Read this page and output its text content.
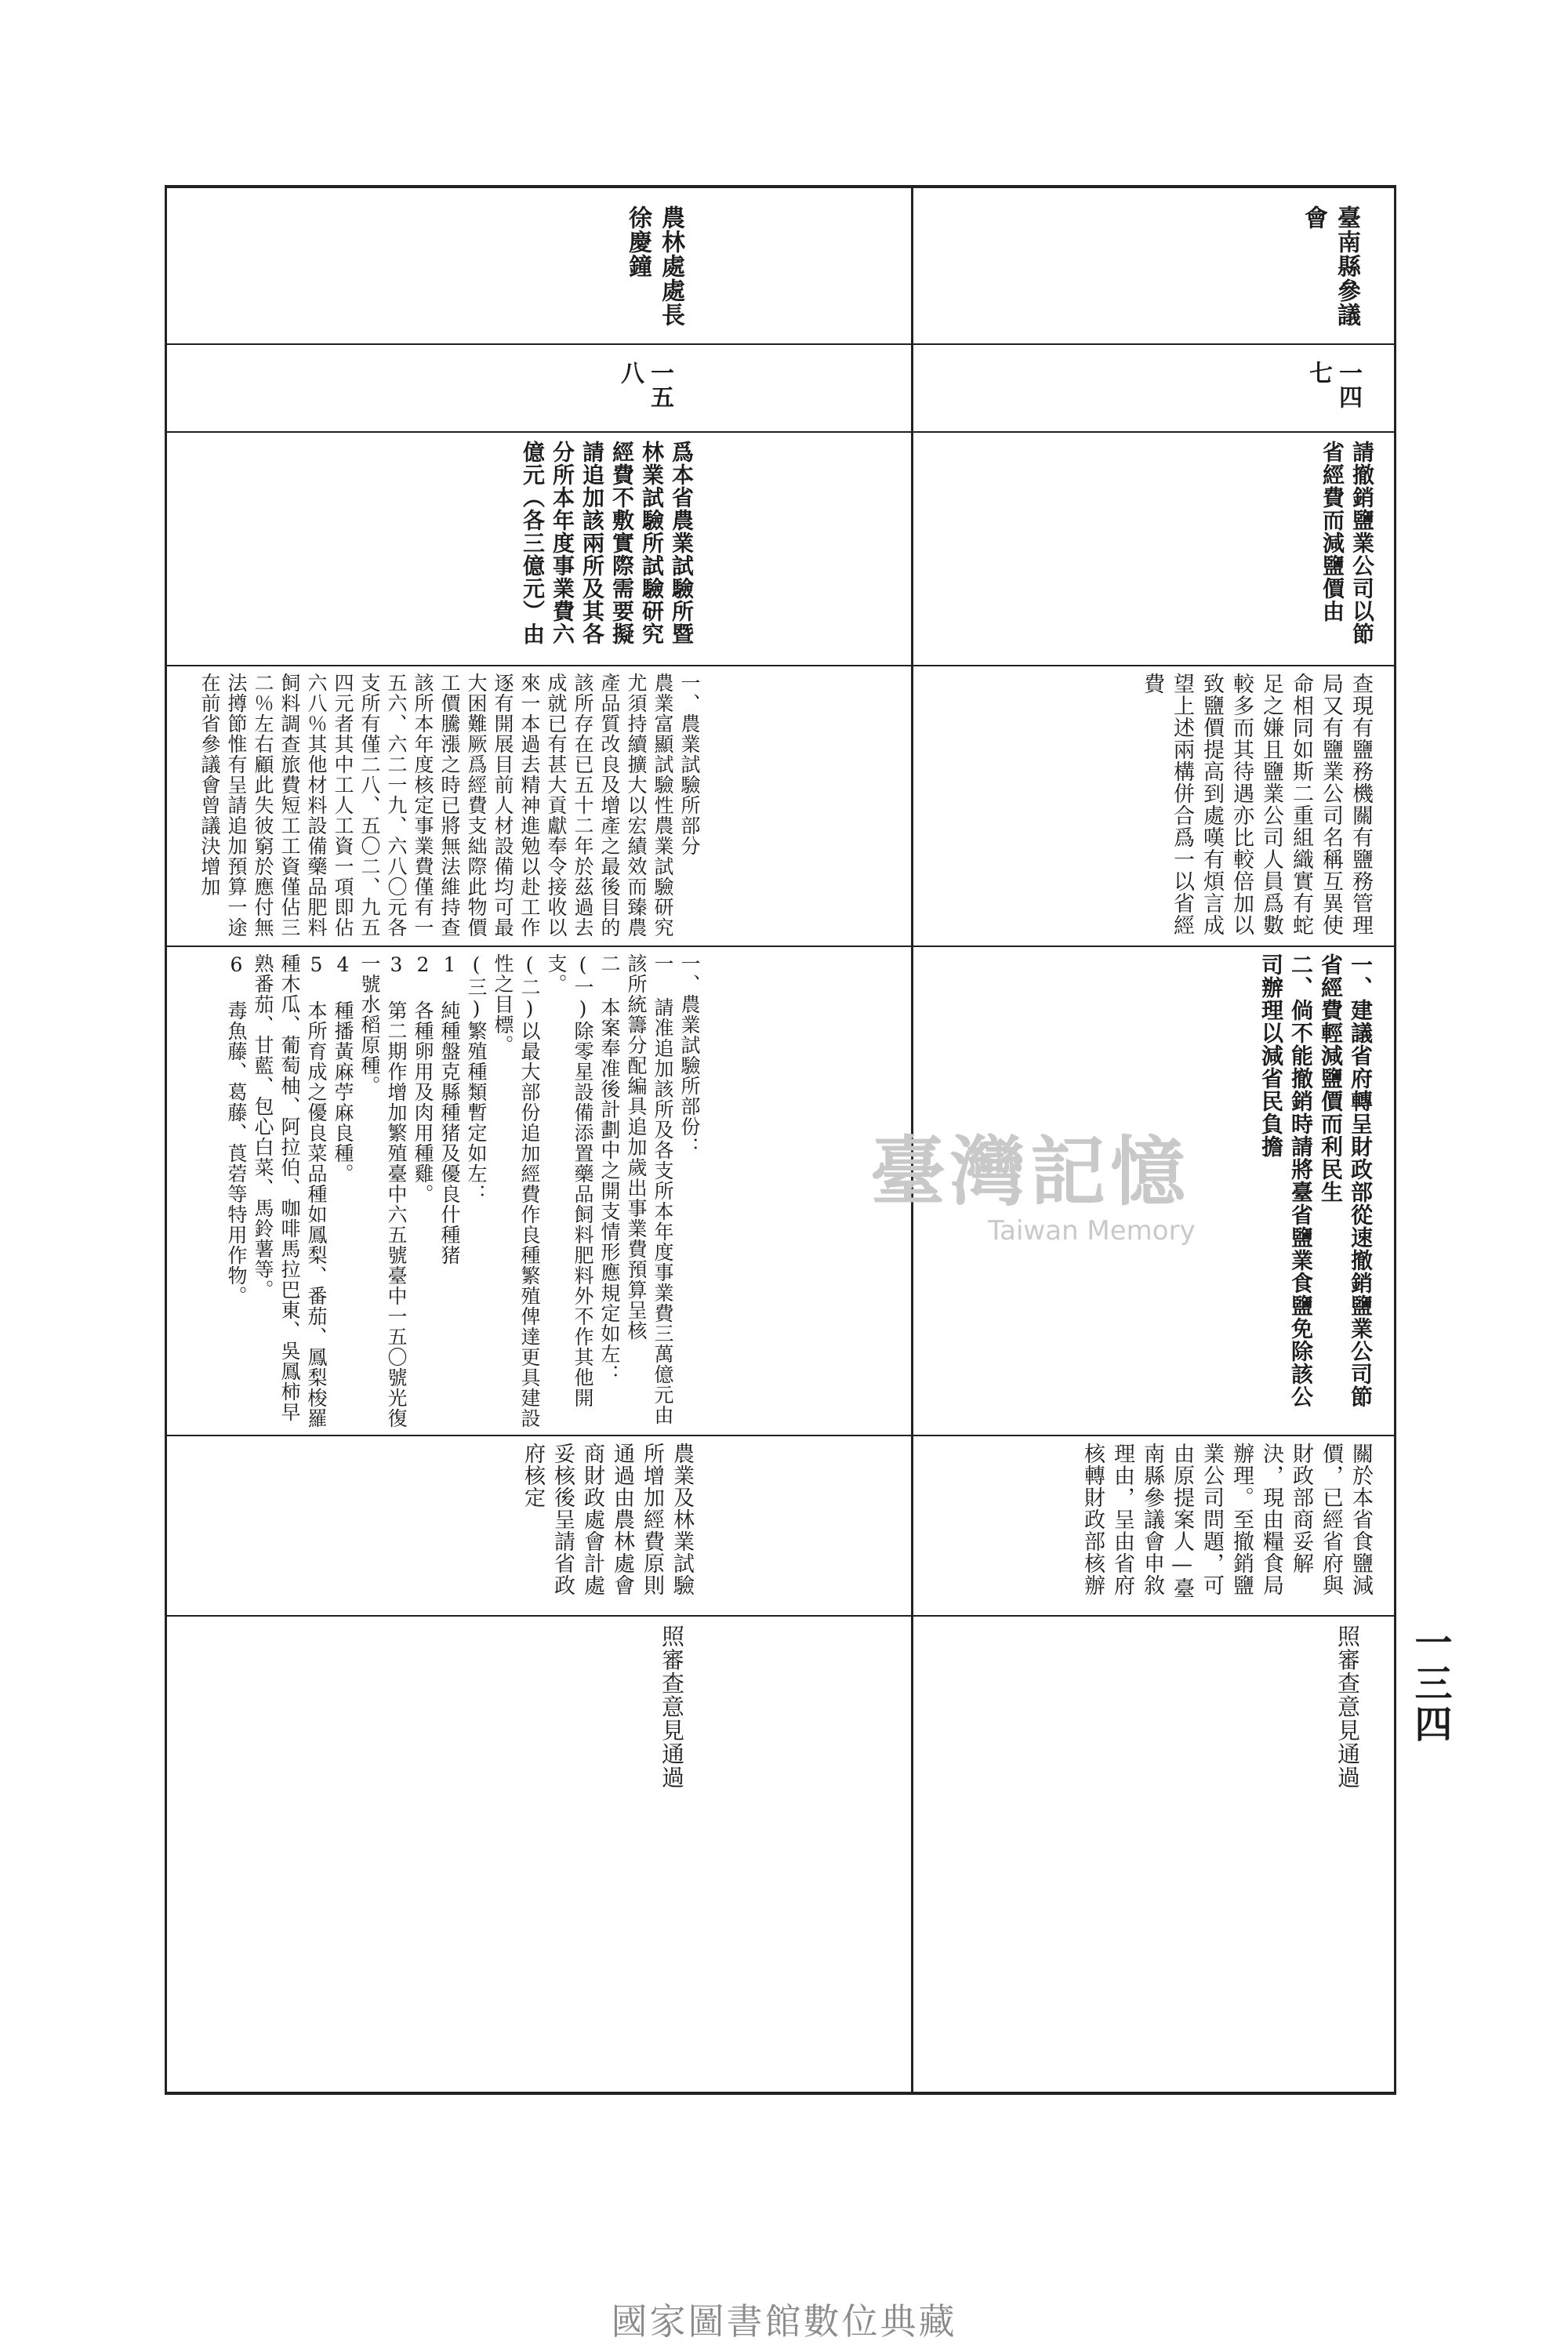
臺南縣參議會
一四七
請撤銷鹽業公司以節省經費而減鹽價由
查現有鹽務機關有鹽務管理局又有鹽業公司名稱互異使命相同如斯二重組織實有蛇足之嫌且鹽業公司人員爲數較多而其待遇亦比較倍加以致鹽價提高到處嘆有煩言成望上述兩構併合爲一以省經費
一、建議省府轉呈財政部從速撤銷鹽業公司節省經費輕減鹽價而利民生
二、倘不能撤銷時請將臺省鹽業食鹽免除該公司辦理以減省民負擔
關於本省食鹽減價，已經省府與財政部商妥解決，現由糧食局辦理。至撤銷鹽業公司問題，可由原提案人—臺南縣參議會申敘理由，呈由省府核轉財政部核辦
照審查意見通過
農林處處長徐慶鐘
一五八
爲本省農業試驗所暨林業試驗所試驗研究經費不敷實際需要擬請追加該兩所及其各分所本年度事業費六億元（各三億元）由
一、農業試驗所部分
農業富顯試驗性農業試驗研究尤須持續擴大以宏績效而臻農產品質改良及增產之最後目的該所存在已五十二年於茲過去成就已有甚大貢獻奉令接收以來一本過去精神進勉以赴工作逐有開展目前人材設備均可最大困難厥爲經費支絀際此物價工價騰漲之時已將無法維持查該所本年度核定事業費僅有一五六、六二一九、六八〇元各支所有僅二八、五〇二、九五四元者其中工人工資一項即佔六八％其他材料設備藥品肥料飼料調查旅費短工工資僅佔三二％左右顧此失彼窮於應付無法撙節惟有呈請追加預算一途在前省參議會曾議決增加
一、農業試驗所部份：
一 請准追加該所及各支所本年度事業費三萬億元由該所統籌分配編具追加歲出事業費預算呈核
二 本案奉准後計劃中之開支情形應規定如左：
(一)除零星設備添置藥品飼料肥料外不作其他開支。
(二)以最大部份追加經費作良種繁殖俾達更具建設性之目標。
(三)繁殖種類暫定如左：
1 純種盤克縣種猪及優良什種猪
2 各種卵用及肉用種雞。
3 第二期作增加繁殖臺中六五號臺中一五〇號光復一號水稻原種。
4 種播黃麻苧麻良種。
5 本所育成之優良菜品種如鳳梨、番茄、鳳梨梭羅種木瓜、葡萄柚、阿拉伯、咖啡馬拉巴東、吳鳳柿早熟番茄、甘藍、包心白菜、馬鈴薯等。
6 毒魚藤、葛藤、莨菪等特用作物。
農業及林業試驗所增加經費原則通過由農林處會商財政處會計處妥核後呈請省政府核定
照審查意見通過	一三四
臺灣記憶
Taiwan Memory
國家圖書館數位典藏
